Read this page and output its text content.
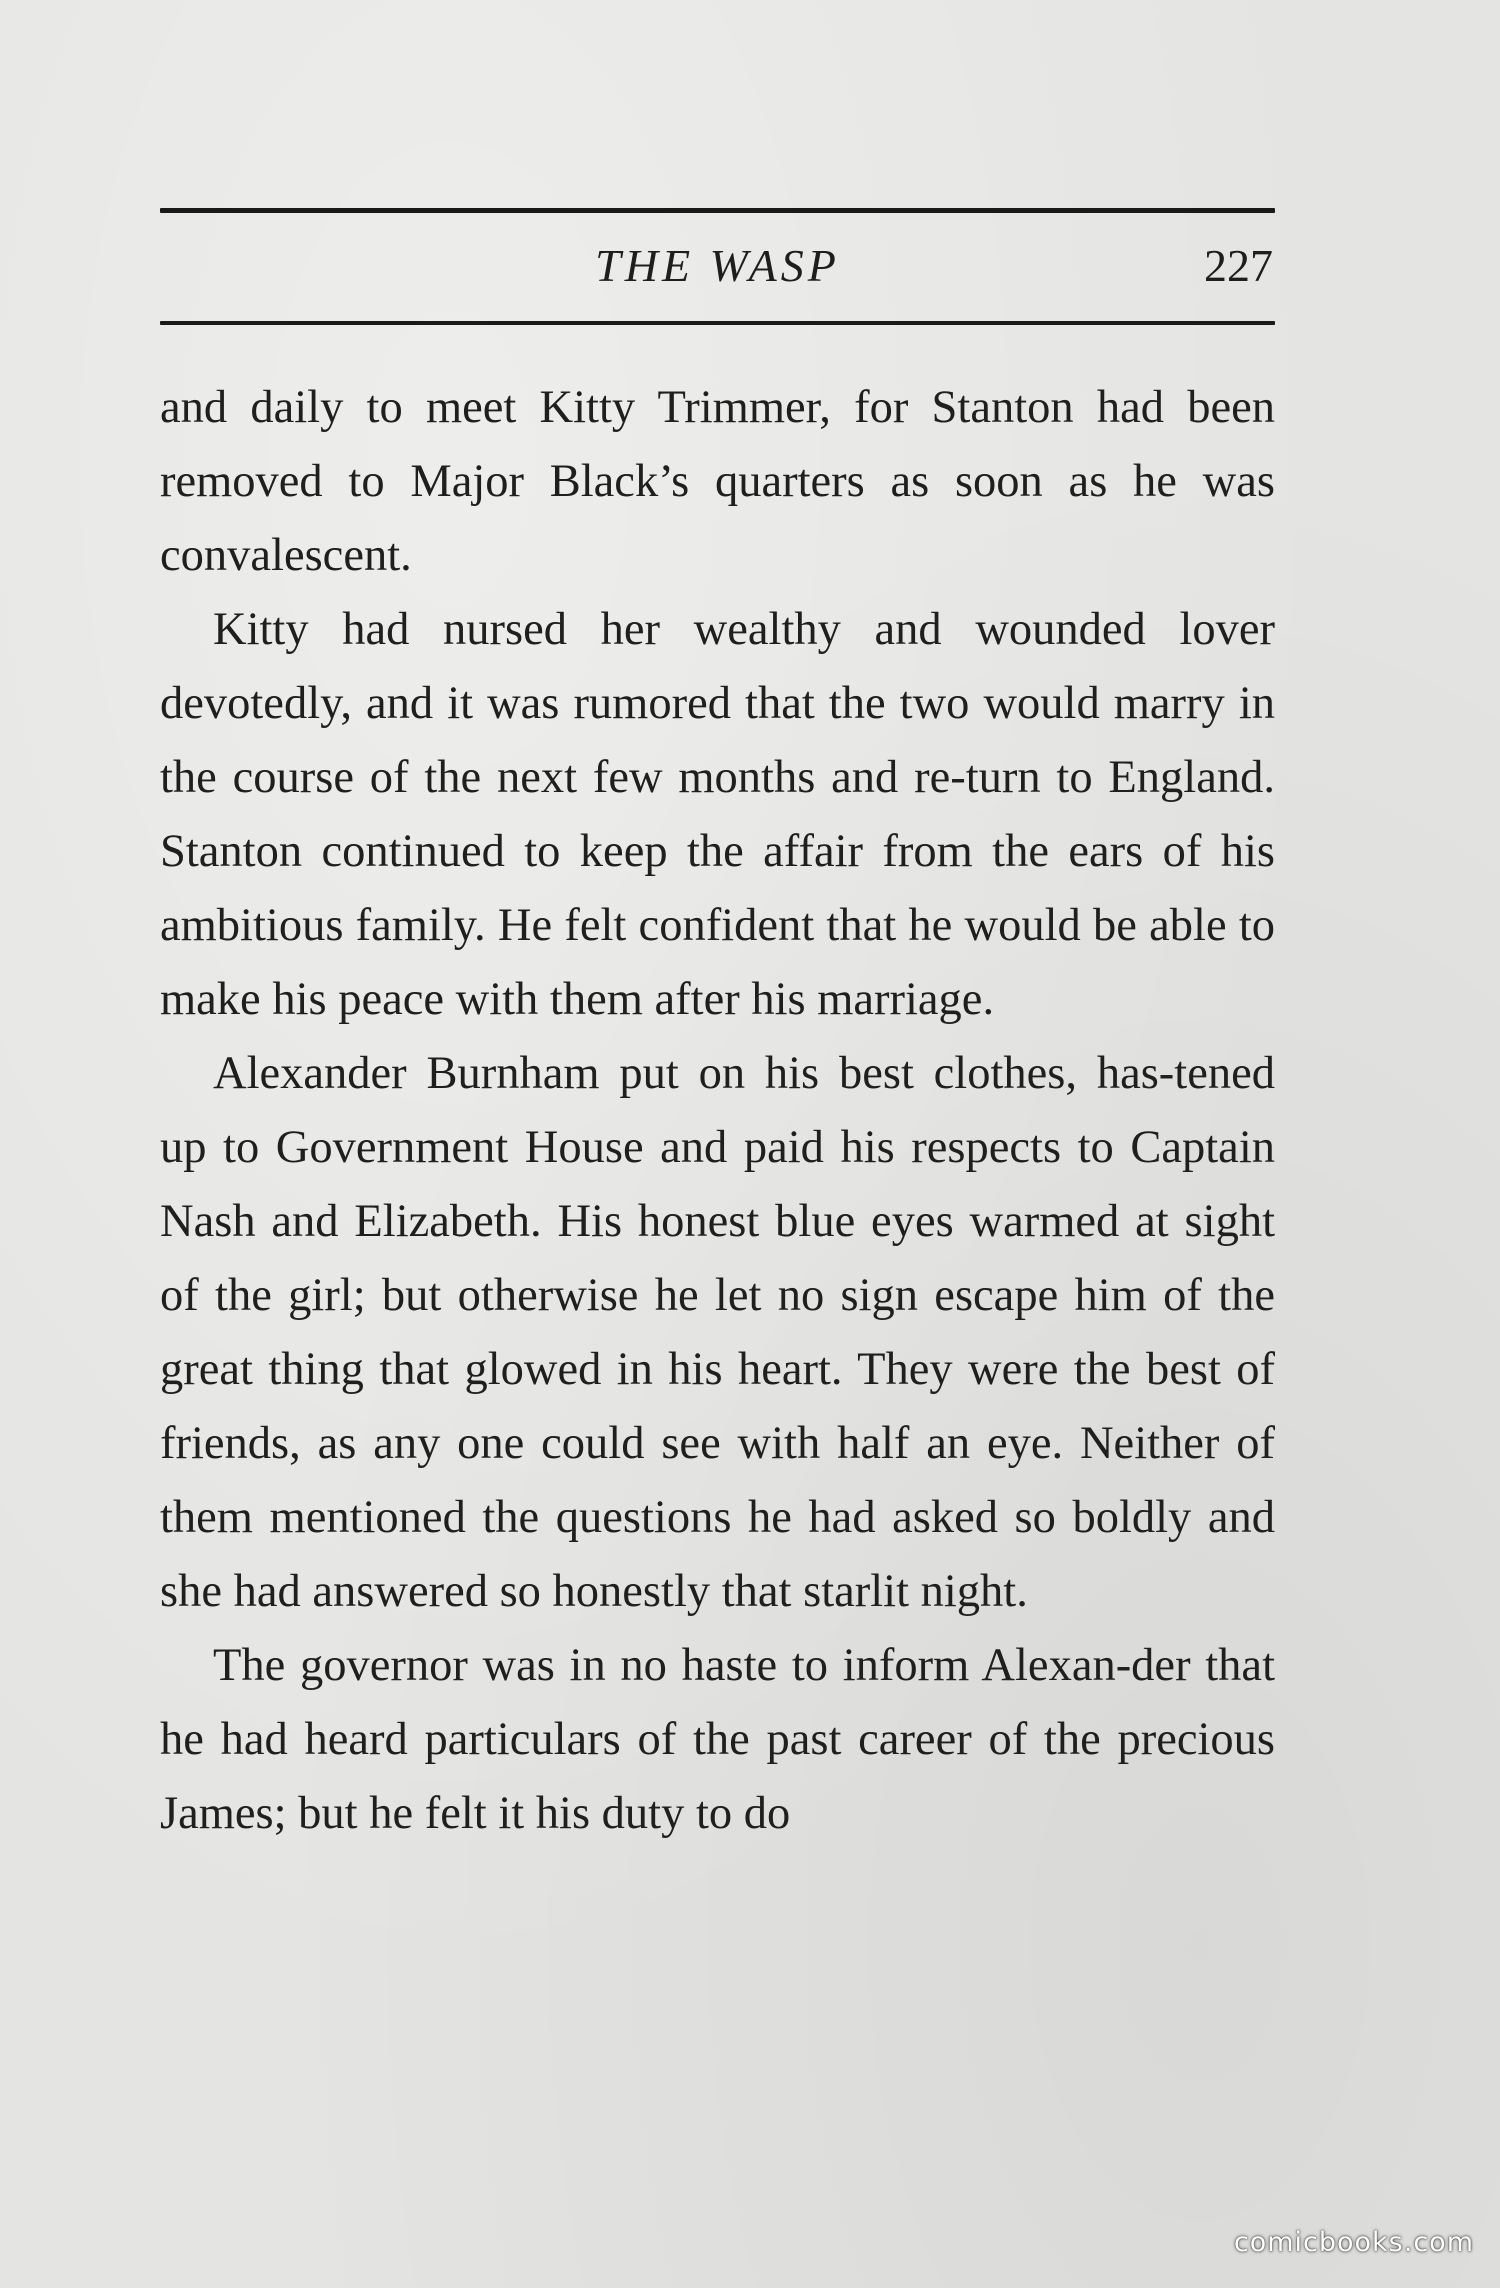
THE WASP	227

and daily to meet Kitty Trimmer, for Stanton had been removed to Major Black’s quarters as soon as he was convalescent.

Kitty had nursed her wealthy and wounded lover devotedly, and it was rumored that the two would marry in the course of the next few months and re-turn to England. Stanton continued to keep the affair from the ears of his ambitious family. He felt confident that he would be able to make his peace with them after his marriage.

Alexander Burnham put on his best clothes, has-tened up to Government House and paid his respects to Captain Nash and Elizabeth. His honest blue eyes warmed at sight of the girl; but otherwise he let no sign escape him of the great thing that glowed in his heart. They were the best of friends, as any one could see with half an eye. Neither of them mentioned the questions he had asked so boldly and she had answered so honestly that starlit night.

The governor was in no haste to inform Alexan-der that he had heard particulars of the past career of the precious James; but he felt it his duty to do

comicbooks.com
